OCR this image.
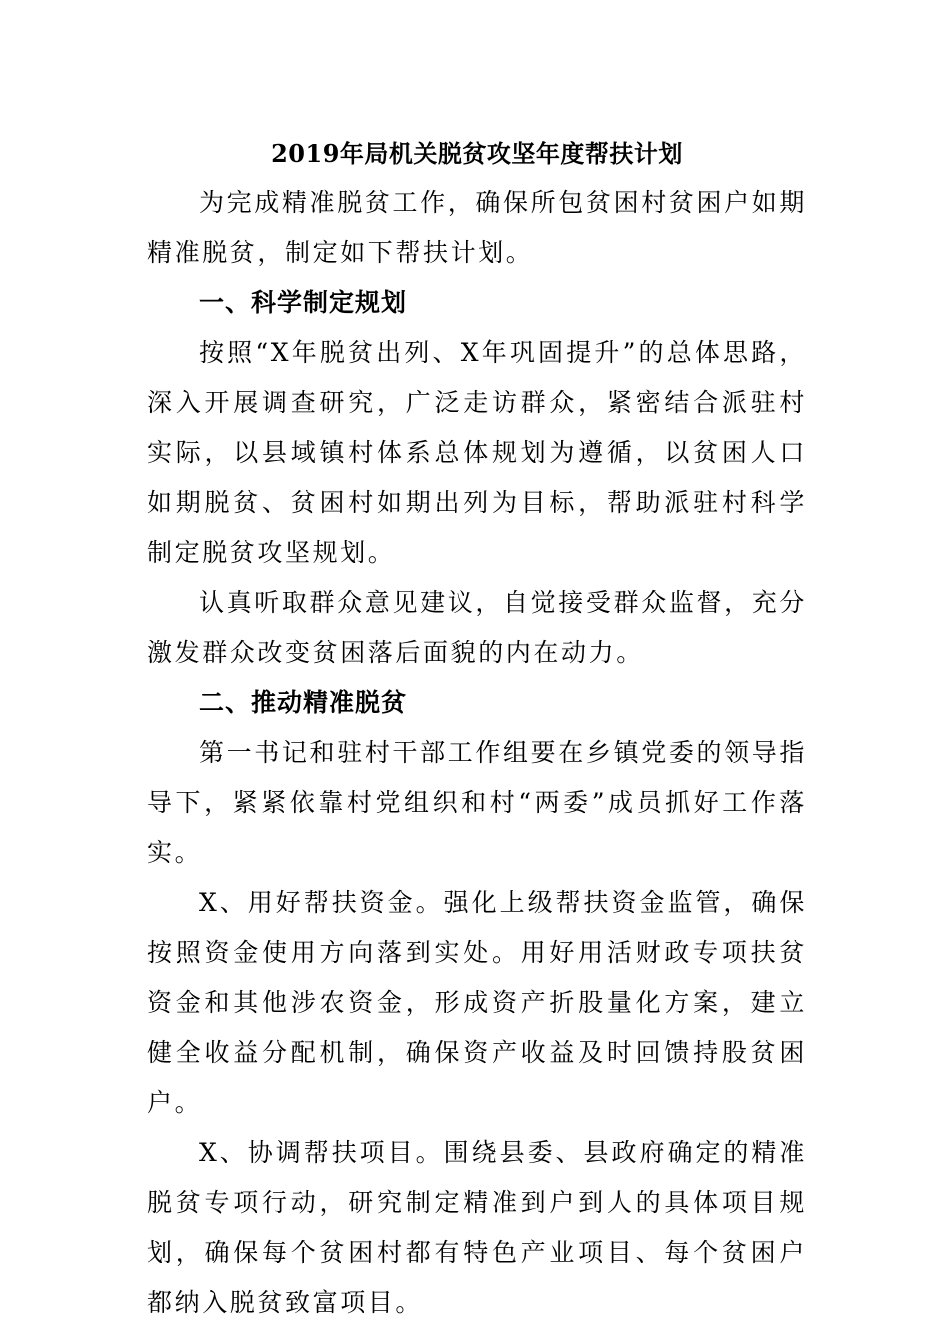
2019年局机关脱贫攻坚年度帮扶计划

为完成精准脱贫工作，确保所包贫困村贫困户如期精准脱贫，制定如下帮扶计划。

一、科学制定规划

按照“X年脱贫出列、X年巩固提升”的总体思路，深入开展调查研究，广泛走访群众，紧密结合派驻村实际，以县域镇村体系总体规划为遵循，以贫困人口如期脱贫、贫困村如期出列为目标，帮助派驻村科学制定脱贫攻坚规划。

认真听取群众意见建议，自觉接受群众监督，充分激发群众改变贫困落后面貌的内在动力。

二、推动精准脱贫

第一书记和驻村干部工作组要在乡镇党委的领导指导下，紧紧依靠村党组织和村“两委”成员抓好工作落实。

X、用好帮扶资金。强化上级帮扶资金监管，确保按照资金使用方向落到实处。用好用活财政专项扶贫资金和其他涉农资金，形成资产折股量化方案，建立健全收益分配机制，确保资产收益及时回馈持股贫困户。

X、协调帮扶项目。围绕县委、县政府确定的精准脱贫专项行动，研究制定精准到户到人的具体项目规划，确保每个贫困村都有特色产业项目、每个贫困户都纳入脱贫致富项目。
